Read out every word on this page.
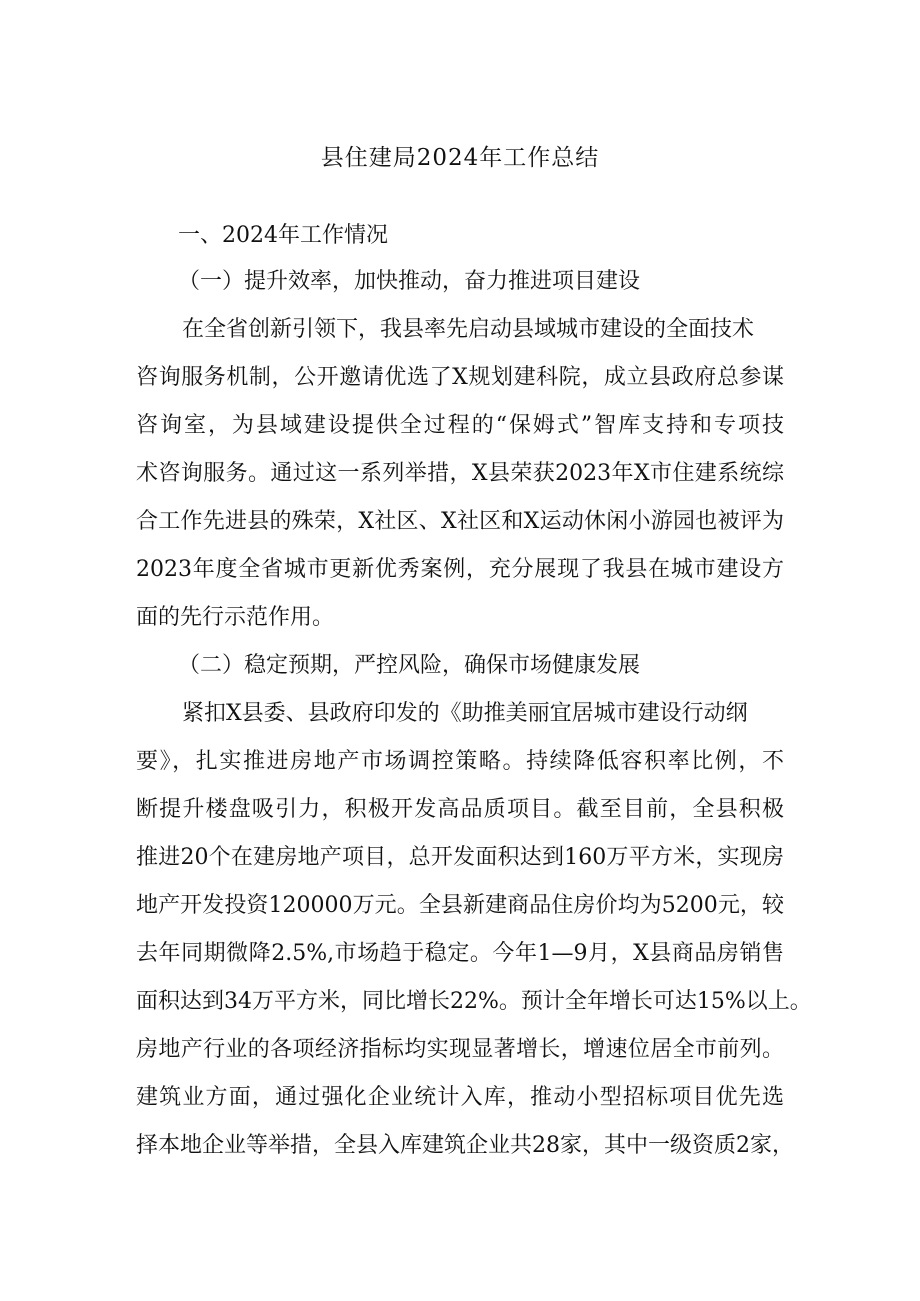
县住建局2024年工作总结
一、2024年工作情况
（一）提升效率，加快推动，奋力推进项目建设
在全省创新引领下，我县率先启动县域城市建设的全面技术
咨询服务机制，公开邀请优选了X规划建科院，成立县政府总参谋
咨询室，为县域建设提供全过程的“保姆式”智库支持和专项技
术咨询服务。通过这一系列举措，X县荣获2023年X市住建系统综
合工作先进县的殊荣，X社区、X社区和X运动休闲小游园也被评为
2023年度全省城市更新优秀案例，充分展现了我县在城市建设方
面的先行示范作用。
（二）稳定预期，严控风险，确保市场健康发展
紧扣X县委、县政府印发的《助推美丽宜居城市建设行动纲
要》，扎实推进房地产市场调控策略。持续降低容积率比例，不
断提升楼盘吸引力，积极开发高品质项目。截至目前，全县积极
推进20个在建房地产项目，总开发面积达到160万平方米，实现房
地产开发投资120000万元。全县新建商品住房价均为5200元，较
去年同期微降2.5%,市场趋于稳定。今年1—9月，X县商品房销售
面积达到34万平方米，同比增长22%。预计全年增长可达15%以上。
房地产行业的各项经济指标均实现显著增长，增速位居全市前列。
建筑业方面，通过强化企业统计入库，推动小型招标项目优先选
择本地企业等举措，全县入库建筑企业共28家，其中一级资质2家，
